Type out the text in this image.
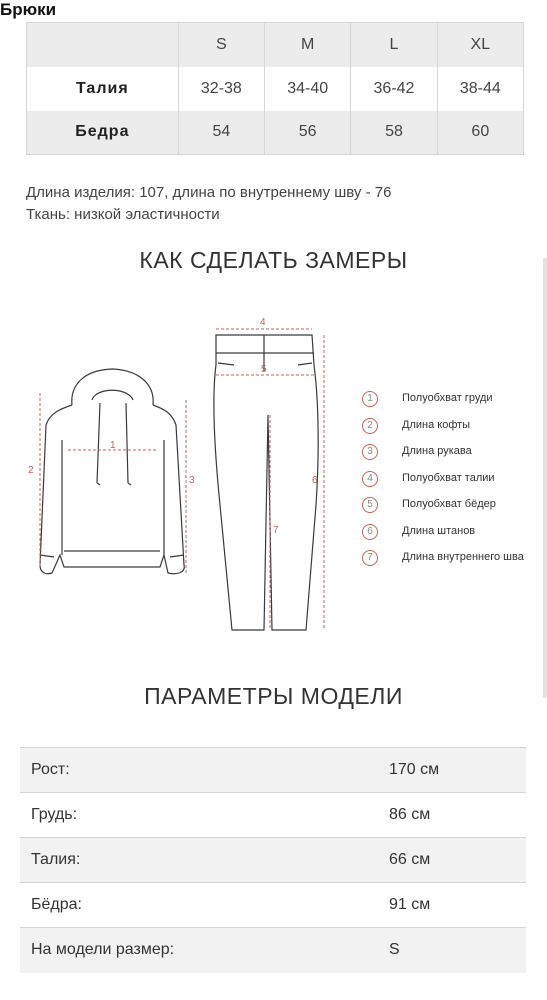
Брюки
	S	M	L	XL
Талия	32-38	34-40	36-42	38-44
Бедра	54	56	58	60
Длина изделия: 107, длина по внутреннему шву - 76
Ткань: низкой эластичности
КАК СДЕЛАТЬ ЗАМЕРЫ
1
2
3
4
5
6
7
1	Полуобхват груди
2	Длина кофты
3	Длина рукава
4	Полуобхват талии
5	Полуобхват бёдер
6	Длина штанов
7	Длина внутреннего шва
ПАРАМЕТРЫ МОДЕЛИ
Рост:	170 см
Грудь:	86 см
Талия:	66 см
Бёдра:	91 см
На модели размер:	S
